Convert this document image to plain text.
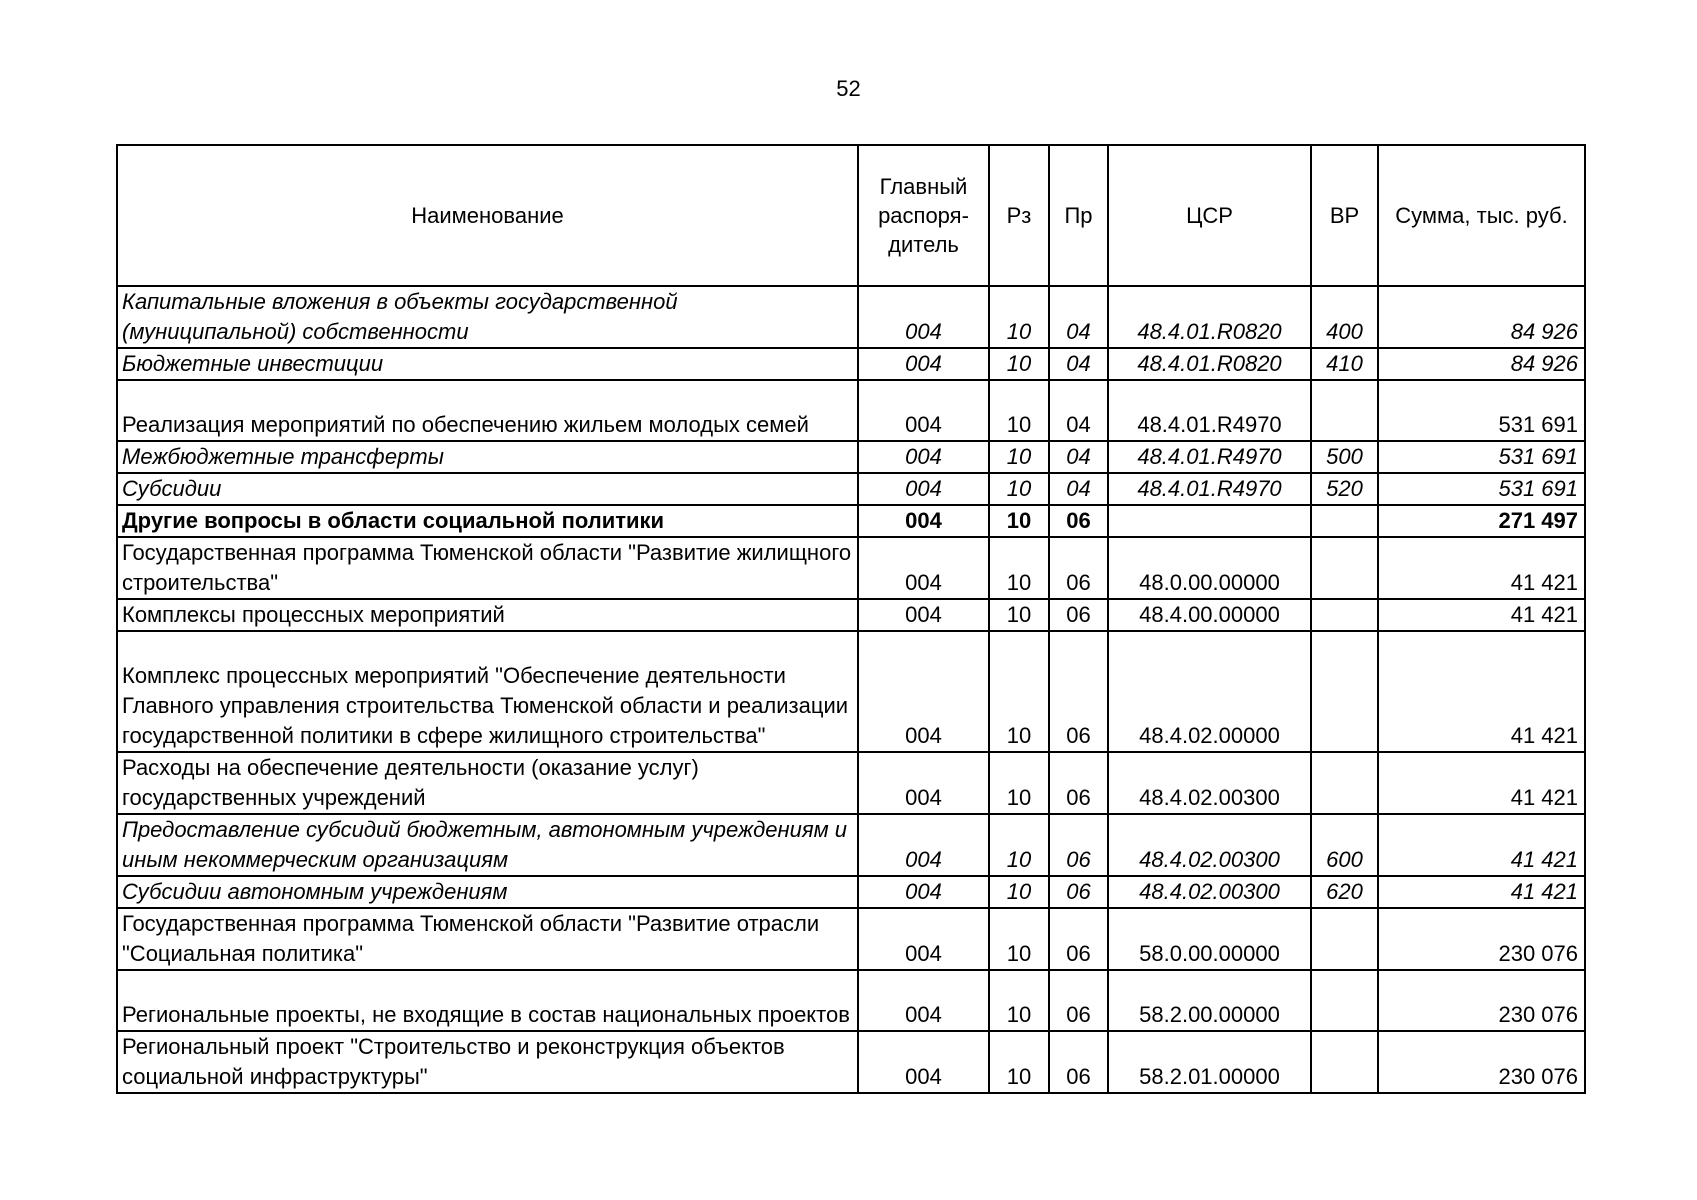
52
Наименование	Главный распоря-дитель	Рз	Пр	ЦСР	ВР	Сумма, тыс. руб.
Капитальные вложения в объекты государственной (муниципальной) собственности	004	10	04	48.4.01.R0820	400	84 926
Бюджетные инвестиции	004	10	04	48.4.01.R0820	410	84 926
Реализация мероприятий по обеспечению жильем молодых семей	004	10	04	48.4.01.R4970		531 691
Межбюджетные трансферты	004	10	04	48.4.01.R4970	500	531 691
Субсидии	004	10	04	48.4.01.R4970	520	531 691
Другие вопросы в области социальной политики	004	10	06			271 497
Государственная программа Тюменской области "Развитие жилищного строительства"	004	10	06	48.0.00.00000		41 421
Комплексы процессных мероприятий	004	10	06	48.4.00.00000		41 421
Комплекс процессных мероприятий "Обеспечение деятельности Главного управления строительства Тюменской области и реализации государственной политики в сфере жилищного строительства"	004	10	06	48.4.02.00000		41 421
Расходы на обеспечение деятельности (оказание услуг) государственных учреждений	004	10	06	48.4.02.00300		41 421
Предоставление субсидий бюджетным, автономным учреждениям и иным некоммерческим организациям	004	10	06	48.4.02.00300	600	41 421
Субсидии автономным учреждениям	004	10	06	48.4.02.00300	620	41 421
Государственная программа Тюменской области "Развитие отрасли "Социальная политика"	004	10	06	58.0.00.00000		230 076
Региональные проекты, не входящие в состав национальных проектов	004	10	06	58.2.00.00000		230 076
Региональный проект "Строительство и реконструкция объектов социальной инфраструктуры"	004	10	06	58.2.01.00000		230 076
